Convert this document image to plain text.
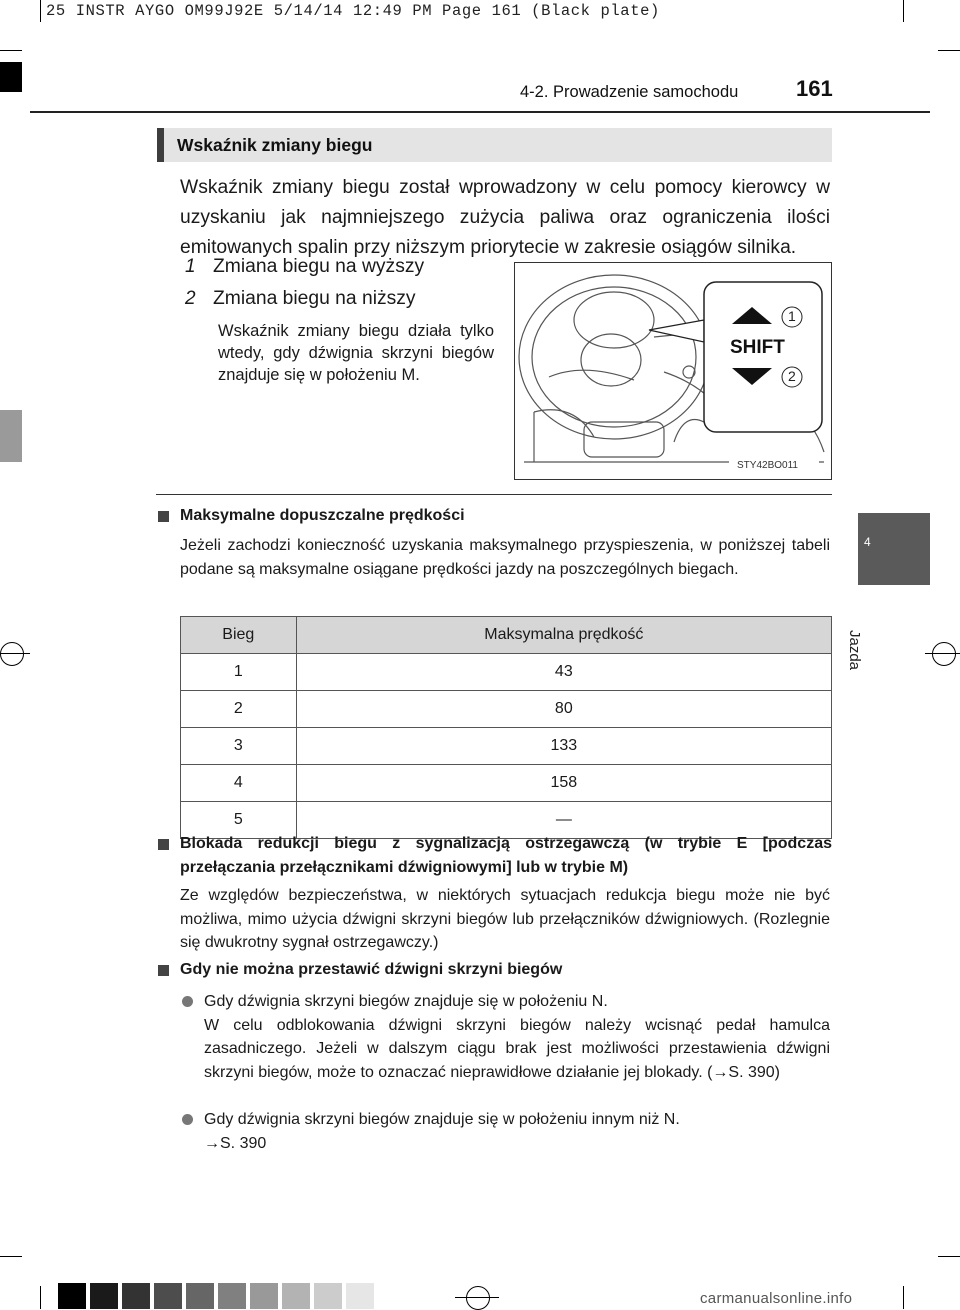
25 INSTR AYGO OM99J92E 5/14/14 12:49 PM Page 161 (Black plate)
4-2. Prowadzenie samochodu	161
4
Jazda
Wskaźnik zmiany biegu
Wskaźnik zmiany biegu został wprowadzony w celu pomocy kierowcy w uzyskaniu jak najmniejszego zużycia paliwa oraz ograniczenia ilości emitowanych spalin przy niższym priorytecie w zakresie osiągów silnika.
1 Zmiana biegu na wyższy
2 Zmiana biegu na niższy
Wskaźnik zmiany biegu działa tylko wtedy, gdy dźwignia skrzyni biegów znajduje się w położeniu M.
SHIFT
1
2
STY42BO011
Maksymalne dopuszczalne prędkości
Jeżeli zachodzi konieczność uzyskania maksymalnego przyspieszenia, w poniższej tabeli podane są maksymalne osiągane prędkości jazdy na poszczególnych biegach.
Bieg	Maksymalna prędkość
1	43
2	80
3	133
4	158
5	—
Blokada redukcji biegu z sygnalizacją ostrzegawczą (w trybie E [podczas przełączania przełącznikami dźwigniowymi] lub w trybie M)
Ze względów bezpieczeństwa, w niektórych sytuacjach redukcja biegu może nie być możliwa, mimo użycia dźwigni skrzyni biegów lub przełączników dźwigniowych. (Rozlegnie się dwukrotny sygnał ostrzegawczy.)
Gdy nie można przestawić dźwigni skrzyni biegów
Gdy dźwignia skrzyni biegów znajduje się w położeniu N.
W celu odblokowania dźwigni skrzyni biegów należy wcisnąć pedał hamulca zasadniczego. Jeżeli w dalszym ciągu brak jest możliwości przestawienia dźwigni skrzyni biegów, może to oznaczać nieprawidłowe działanie jej blokady. (→S. 390)
Gdy dźwignia skrzyni biegów znajduje się w położeniu innym niż N.
→S. 390
carmanualsonline.info
